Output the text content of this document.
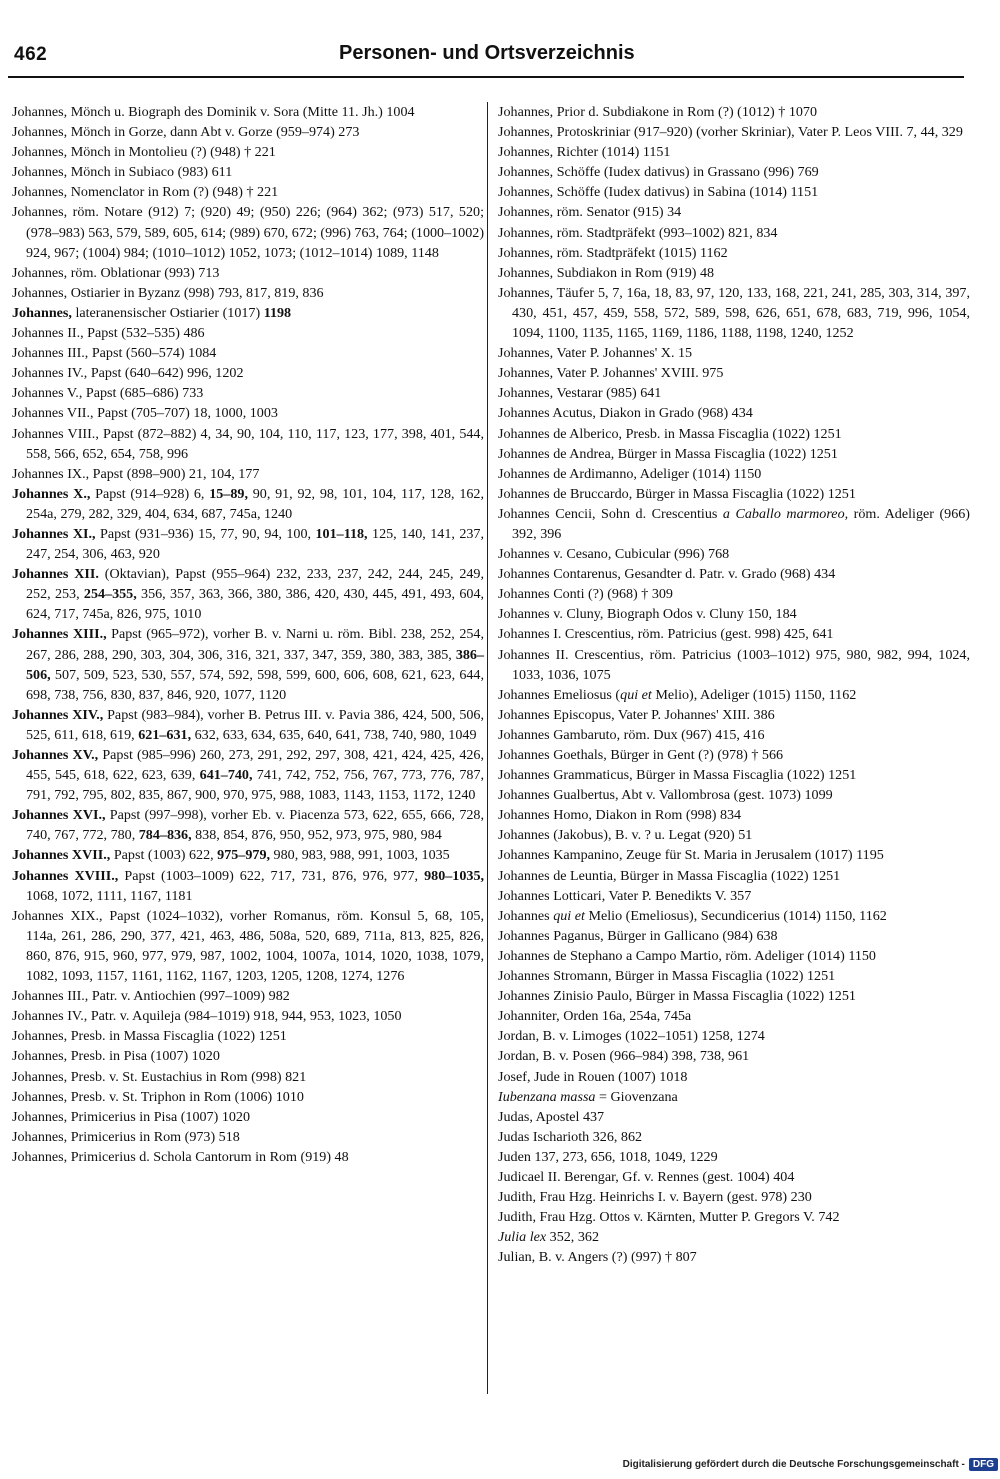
462	Personen- und Ortsverzeichnis

Johannes, Mönch u. Biograph des Dominik v. Sora (Mitte 11. Jh.) 1004

Johannes, Mönch in Gorze, dann Abt v. Gorze (959–974) 273

Johannes, Mönch in Montolieu (?) (948) † 221

Johannes, Mönch in Subiaco (983) 611

Johannes, Nomenclator in Rom (?) (948) † 221

Johannes, röm. Notare (912) 7; (920) 49; (950) 226; (964) 362; (973) 517, 520; (978–983) 563, 579, 589, 605, 614; (989) 670, 672; (996) 763, 764; (1000–1002) 924, 967; (1004) 984; (1010–1012) 1052, 1073; (1012–1014) 1089, 1148

Johannes, röm. Oblationar (993) 713

Johannes, Ostiarier in Byzanz (998) 793, 817, 819, 836

Johannes, lateranensischer Ostiarier (1017) 1198

Johannes II., Papst (532–535) 486

Johannes III., Papst (560–574) 1084

Johannes IV., Papst (640–642) 996, 1202

Johannes V., Papst (685–686) 733

Johannes VII., Papst (705–707) 18, 1000, 1003

Johannes VIII., Papst (872–882) 4, 34, 90, 104, 110, 117, 123, 177, 398, 401, 544, 558, 566, 652, 654, 758, 996

Johannes IX., Papst (898–900) 21, 104, 177

Johannes X., Papst (914–928) 6, 15–89, 90, 91, 92, 98, 101, 104, 117, 128, 162, 254a, 279, 282, 329, 404, 634, 687, 745a, 1240

Johannes XI., Papst (931–936) 15, 77, 90, 94, 100, 101–118, 125, 140, 141, 237, 247, 254, 306, 463, 920

Johannes XII. (Oktavian), Papst (955–964) 232, 233, 237, 242, 244, 245, 249, 252, 253, 254–355, 356, 357, 363, 366, 380, 386, 420, 430, 445, 491, 493, 604, 624, 717, 745a, 826, 975, 1010

Johannes XIII., Papst (965–972), vorher B. v. Narni u. röm. Bibl. 238, 252, 254, 267, 286, 288, 290, 303, 304, 306, 316, 321, 337, 347, 359, 380, 383, 385, 386–506, 507, 509, 523, 530, 557, 574, 592, 598, 599, 600, 606, 608, 621, 623, 644, 698, 738, 756, 830, 837, 846, 920, 1077, 1120

Johannes XIV., Papst (983–984), vorher B. Petrus III. v. Pavia 386, 424, 500, 506, 525, 611, 618, 619, 621–631, 632, 633, 634, 635, 640, 641, 738, 740, 980, 1049

Johannes XV., Papst (985–996) 260, 273, 291, 292, 297, 308, 421, 424, 425, 426, 455, 545, 618, 622, 623, 639, 641–740, 741, 742, 752, 756, 767, 773, 776, 787, 791, 792, 795, 802, 835, 867, 900, 970, 975, 988, 1083, 1143, 1153, 1172, 1240

Johannes XVI., Papst (997–998), vorher Eb. v. Piacenza 573, 622, 655, 666, 728, 740, 767, 772, 780, 784–836, 838, 854, 876, 950, 952, 973, 975, 980, 984

Johannes XVII., Papst (1003) 622, 975–979, 980, 983, 988, 991, 1003, 1035

Johannes XVIII., Papst (1003–1009) 622, 717, 731, 876, 976, 977, 980–1035, 1068, 1072, 1111, 1167, 1181

Johannes XIX., Papst (1024–1032), vorher Romanus, röm. Konsul 5, 68, 105, 114a, 261, 286, 290, 377, 421, 463, 486, 508a, 520, 689, 711a, 813, 825, 826, 860, 876, 915, 960, 977, 979, 987, 1002, 1004, 1007a, 1014, 1020, 1038, 1079, 1082, 1093, 1157, 1161, 1162, 1167, 1203, 1205, 1208, 1274, 1276

Johannes III., Patr. v. Antiochien (997–1009) 982

Johannes IV., Patr. v. Aquileja (984–1019) 918, 944, 953, 1023, 1050

Johannes, Presb. in Massa Fiscaglia (1022) 1251

Johannes, Presb. in Pisa (1007) 1020

Johannes, Presb. v. St. Eustachius in Rom (998) 821

Johannes, Presb. v. St. Triphon in Rom (1006) 1010

Johannes, Primicerius in Pisa (1007) 1020

Johannes, Primicerius in Rom (973) 518

Johannes, Primicerius d. Schola Cantorum in Rom (919) 48

Johannes, Prior d. Subdiakone in Rom (?) (1012) † 1070

Johannes, Protoskriniar (917–920) (vorher Skriniar), Vater P. Leos VIII. 7, 44, 329

Johannes, Richter (1014) 1151

Johannes, Schöffe (Iudex dativus) in Grassano (996) 769

Johannes, Schöffe (Iudex dativus) in Sabina (1014) 1151

Johannes, röm. Senator (915) 34

Johannes, röm. Stadtpräfekt (993–1002) 821, 834

Johannes, röm. Stadtpräfekt (1015) 1162

Johannes, Subdiakon in Rom (919) 48

Johannes, Täufer 5, 7, 16a, 18, 83, 97, 120, 133, 168, 221, 241, 285, 303, 314, 397, 430, 451, 457, 459, 558, 572, 589, 598, 626, 651, 678, 683, 719, 996, 1054, 1094, 1100, 1135, 1165, 1169, 1186, 1188, 1198, 1240, 1252

Johannes, Vater P. Johannes' X. 15

Johannes, Vater P. Johannes' XVIII. 975

Johannes, Vestarar (985) 641

Johannes Acutus, Diakon in Grado (968) 434

Johannes de Alberico, Presb. in Massa Fiscaglia (1022) 1251

Johannes de Andrea, Bürger in Massa Fiscaglia (1022) 1251

Johannes de Ardimanno, Adeliger (1014) 1150

Johannes de Bruccardo, Bürger in Massa Fiscaglia (1022) 1251

Johannes Cencii, Sohn d. Crescentius a Caballo marmoreo, röm. Adeliger (966) 392, 396

Johannes v. Cesano, Cubicular (996) 768

Johannes Contarenus, Gesandter d. Patr. v. Grado (968) 434

Johannes Conti (?) (968) † 309

Johannes v. Cluny, Biograph Odos v. Cluny 150, 184

Johannes I. Crescentius, röm. Patricius (gest. 998) 425, 641

Johannes II. Crescentius, röm. Patricius (1003–1012) 975, 980, 982, 994, 1024, 1033, 1036, 1075

Johannes Emeliosus (qui et Melio), Adeliger (1015) 1150, 1162

Johannes Episcopus, Vater P. Johannes' XIII. 386

Johannes Gambaruto, röm. Dux (967) 415, 416

Johannes Goethals, Bürger in Gent (?) (978) † 566

Johannes Grammaticus, Bürger in Massa Fiscaglia (1022) 1251

Johannes Gualbertus, Abt v. Vallombrosa (gest. 1073) 1099

Johannes Homo, Diakon in Rom (998) 834

Johannes (Jakobus), B. v. ? u. Legat (920) 51

Johannes Kampanino, Zeuge für St. Maria in Jerusalem (1017) 1195

Johannes de Leuntia, Bürger in Massa Fiscaglia (1022) 1251

Johannes Lotticari, Vater P. Benedikts V. 357

Johannes qui et Melio (Emeliosus), Secundicerius (1014) 1150, 1162

Johannes Paganus, Bürger in Gallicano (984) 638

Johannes de Stephano a Campo Martio, röm. Adeliger (1014) 1150

Johannes Stromann, Bürger in Massa Fiscaglia (1022) 1251

Johannes Zinisio Paulo, Bürger in Massa Fiscaglia (1022) 1251

Johanniter, Orden 16a, 254a, 745a

Jordan, B. v. Limoges (1022–1051) 1258, 1274

Jordan, B. v. Posen (966–984) 398, 738, 961

Josef, Jude in Rouen (1007) 1018

Iubenzana massa = Giovenzana

Judas, Apostel 437

Judas Ischarioth 326, 862

Juden 137, 273, 656, 1018, 1049, 1229

Judicael II. Berengar, Gf. v. Rennes (gest. 1004) 404

Judith, Frau Hzg. Heinrichs I. v. Bayern (gest. 978) 230

Judith, Frau Hzg. Ottos v. Kärnten, Mutter P. Gregors V. 742

Julia lex 352, 362

Julian, B. v. Angers (?) (997) † 807

Digitalisierung gefördert durch die Deutsche Forschungsgemeinschaft - DFG
